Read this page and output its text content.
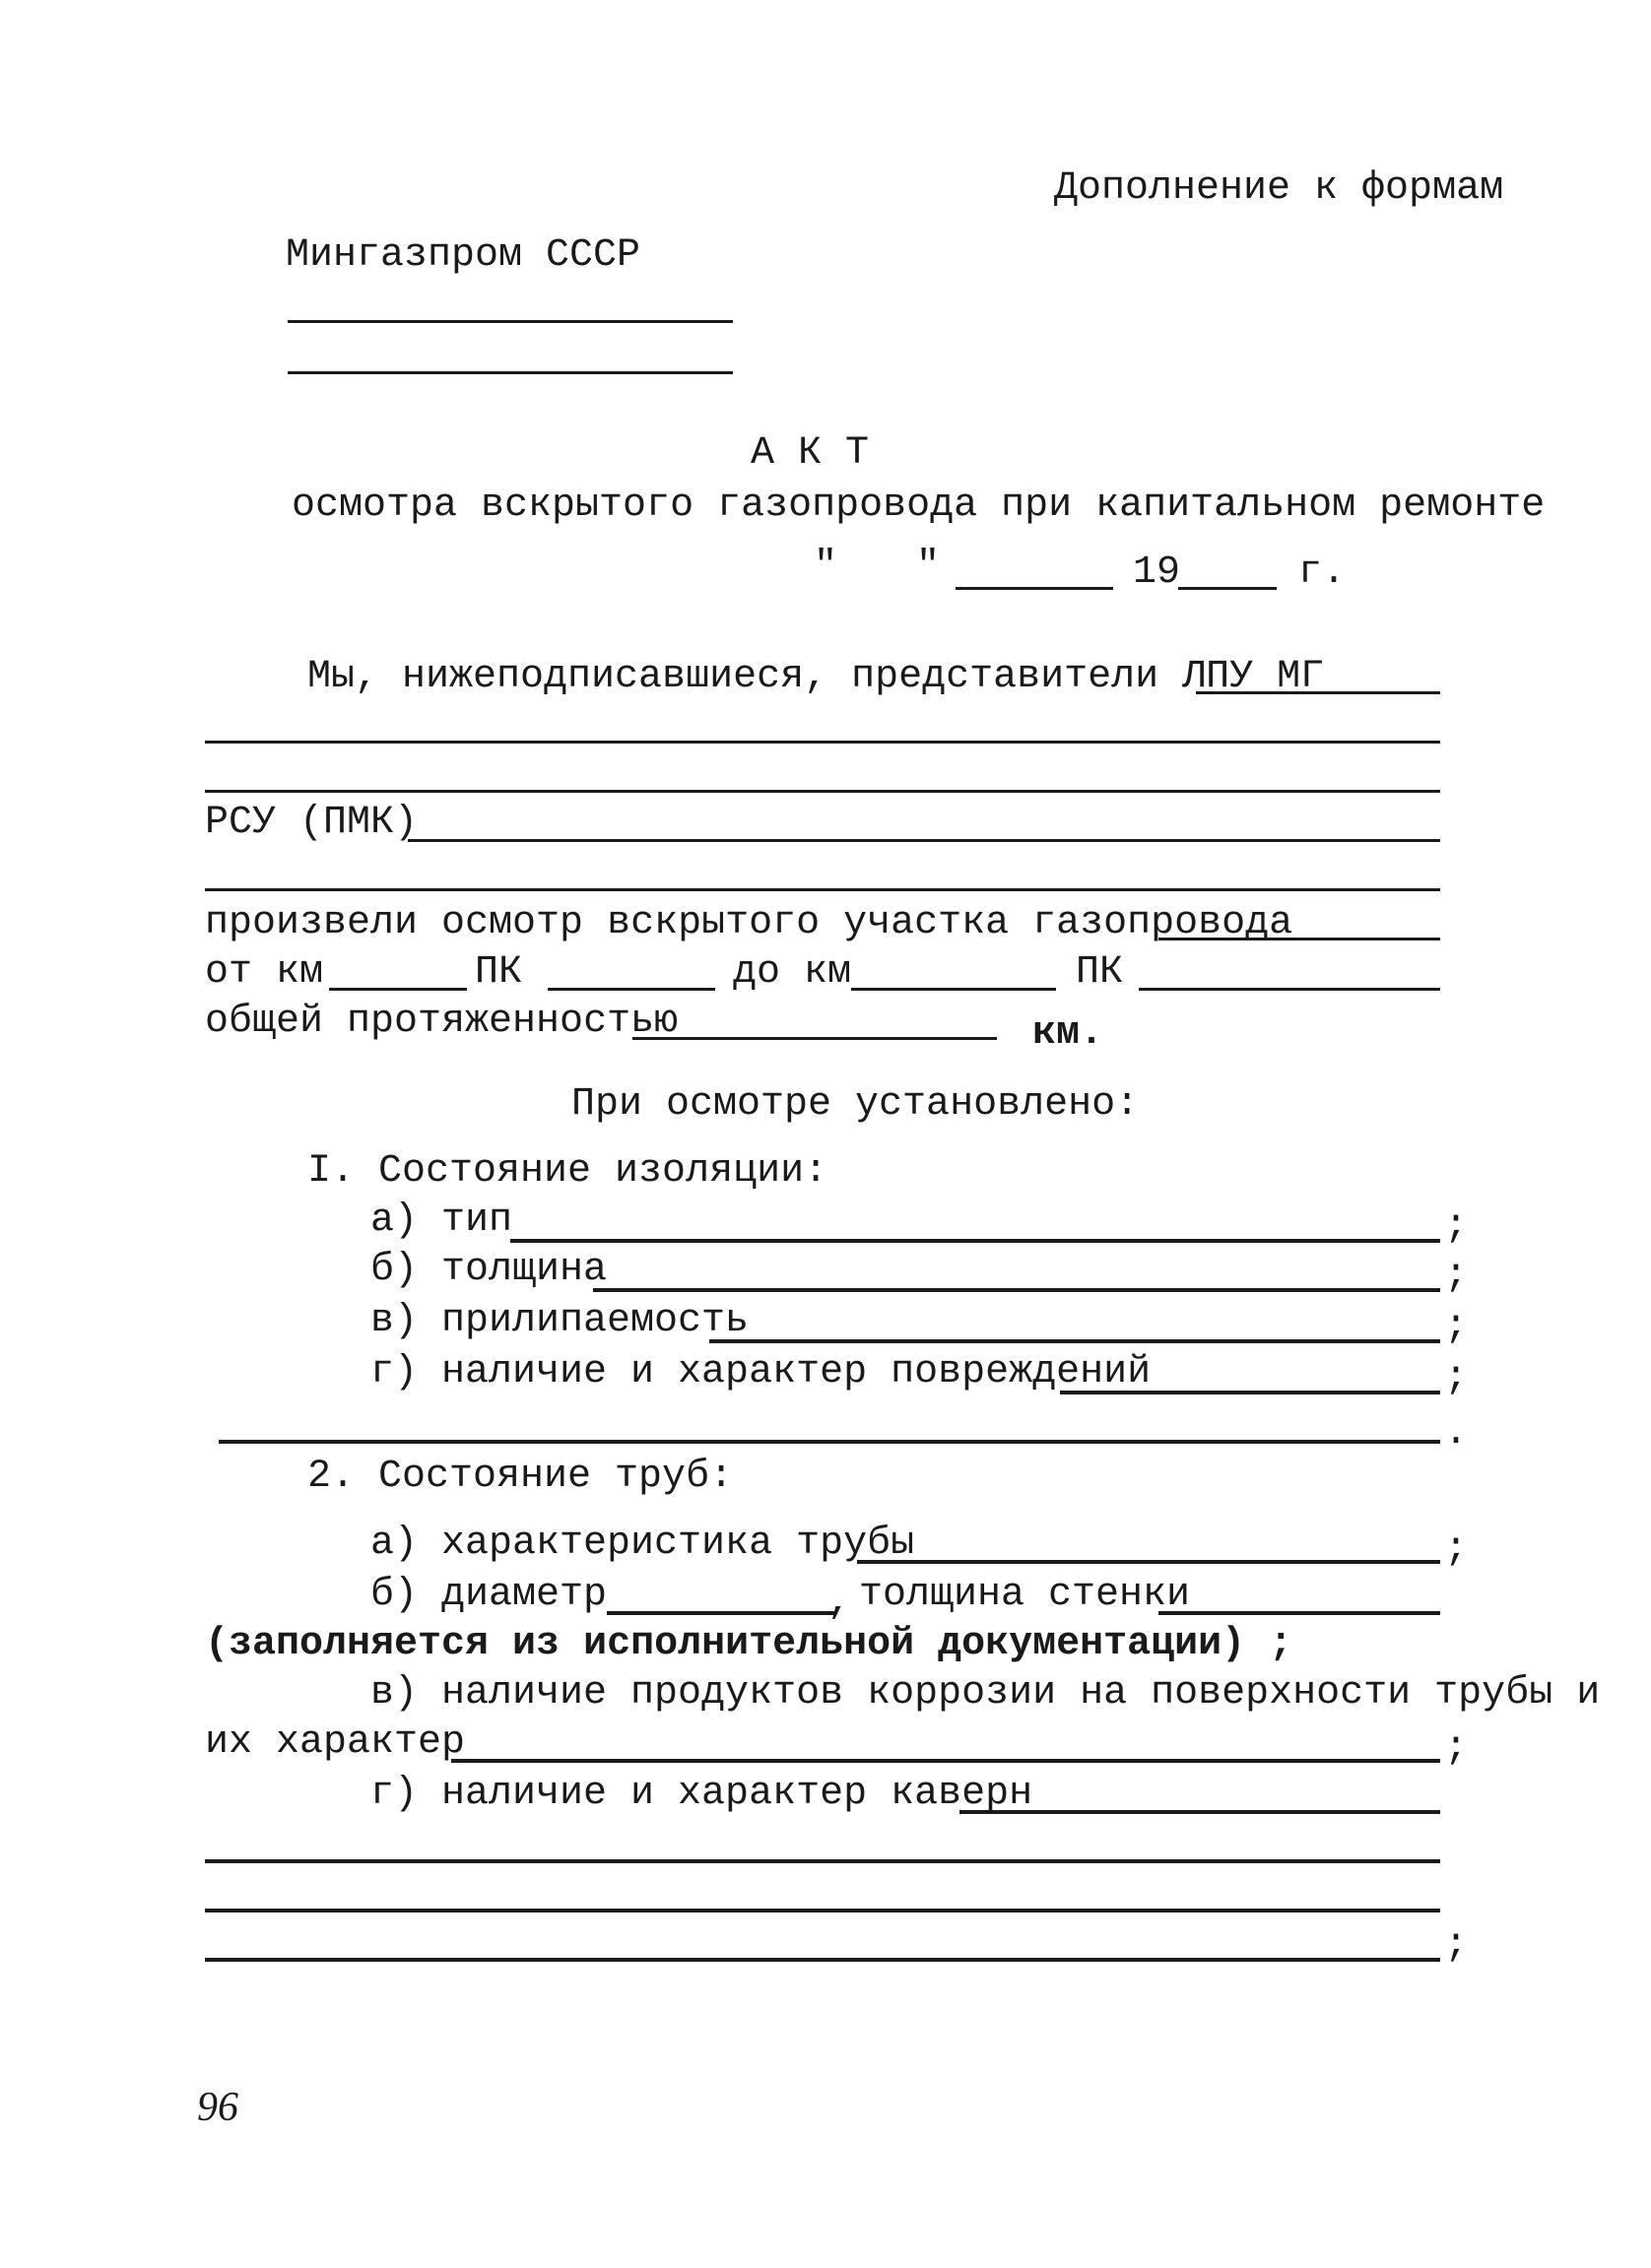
Дополнение к формам
Мингазпром СССР
А К Т
осмотра вскрытого газопровода при капитальном ремонте
" "	19	г.
Мы, нижеподписавшиеся, представители ЛПУ МГ
РСУ (ПМК)
произвели осмотр вскрытого участка газопровода
от км	ПК	до км	ПК
общей протяженностью	км.
При осмотре установлено:
I. Состояние изоляции:
а) тип	;
б) толщина	;
в) прилипаемость	;
г) наличие и характер повреждений	;
.
2. Состояние труб:
а) характеристика трубы	;
б) диаметр	, толщина стенки
(заполняется из исполнительной документации) ;
в) наличие продуктов коррозии на поверхности трубы и
их характер	;
г) наличие и характер каверн
;
96
